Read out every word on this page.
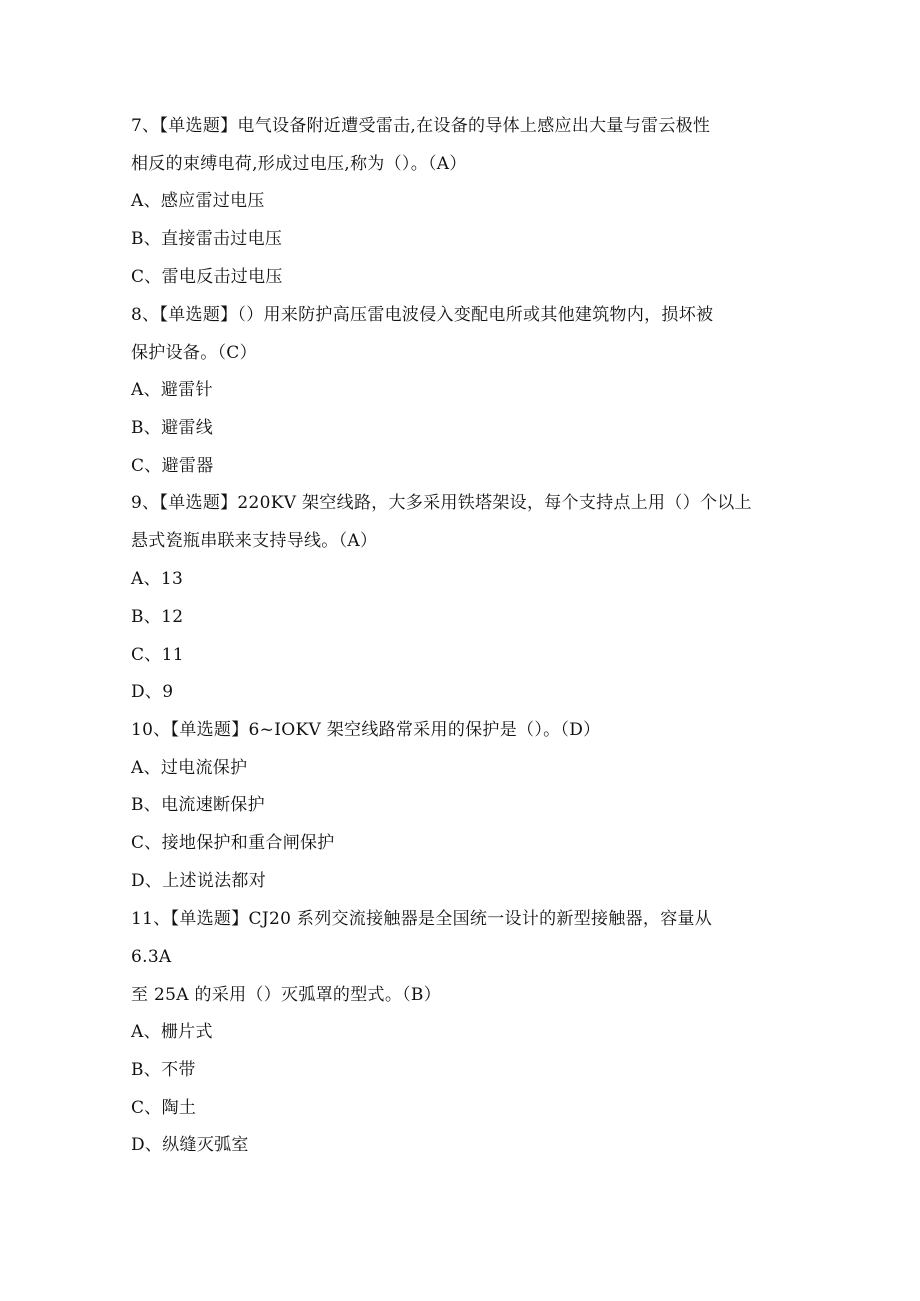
7、【单选题】电气设备附近遭受雷击,在设备的导体上感应出大量与雷云极性
相反的束缚电荷,形成过电压,称为（）。（A）
A、感应雷过电压
B、直接雷击过电压
C、雷电反击过电压
8、【单选题】（）用来防护高压雷电波侵入变配电所或其他建筑物内，损坏被
保护设备。（C）
A、避雷针
B、避雷线
C、避雷器
9、【单选题】220KV 架空线路，大多采用铁塔架设，每个支持点上用（）个以上
悬式瓷瓶串联来支持导线。（A）
A、13
B、12
C、11
D、9
10、【单选题】6~IOKV 架空线路常采用的保护是（）。（D）
A、过电流保护
B、电流速断保护
C、接地保护和重合闸保护
D、上述说法都对
11、【单选题】CJ20 系列交流接触器是全国统一设计的新型接触器，容量从
6.3A
至 25A 的采用（）灭弧罩的型式。（B）
A、栅片式
B、不带
C、陶土
D、纵缝灭弧室
